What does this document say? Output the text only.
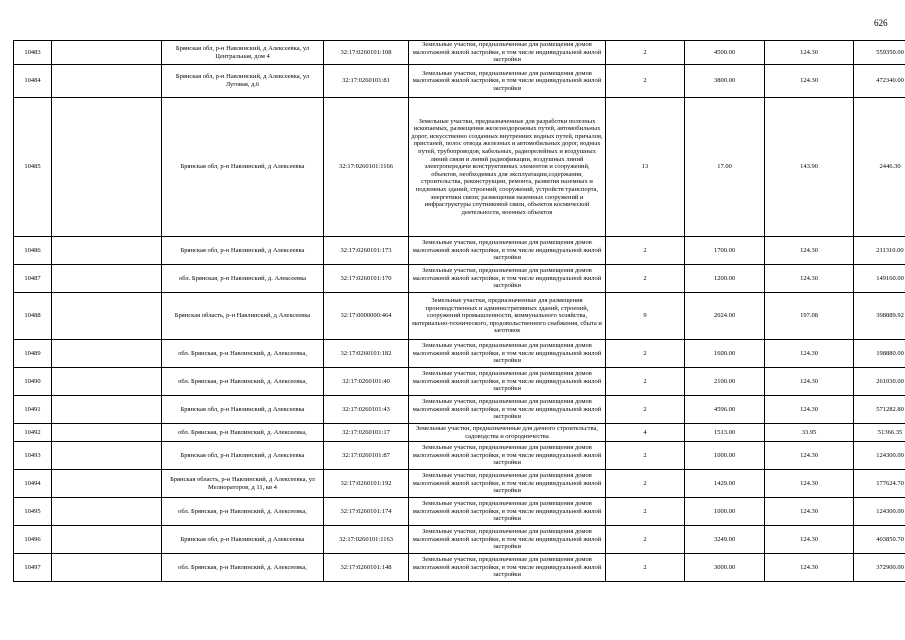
626
10483		Брянская обл, р-н Навлинский, д Алексеевка, ул Центральная, дом 4	32:17:0260101:108	Земельные участки, предназначенные для размещения домов малоэтажной жилой застройки, в том числе индивидуальной жилой застройки	2	4500.00	124.30	559350.00
10484		Брянская обл, р-н Навлинский, д Алексеевка, ул Луговая, д.6	32:17:0260101:81	Земельные участки, предназначенные для размещения домов малоэтажной жилой застройки, в том числе индивидуальной жилой застройки	2	3800.00	124.30	472340.00
10485		Брянская обл, р-н Навлинский, д Алексеевка	32:17:0260101:1166	Земельные участки, предназначенные для разработки полезных ископаемых, размещения железнодорожных путей, автомобильных дорог, искусственно созданных внутренних водных путей, причалов, пристаней, полос отвода железных и автомобильных дорог, водных путей, трубопроводов, кабельных, радиорелейных и воздушных линий связи и линий радиофикации, воздушных линий электропередачи конструктивных элементов и сооружений, объектов, необходимых для эксплуатации,содержания, строительства, реконструкции, ремонта, развития наземных и подземных зданий, строений, сооружений, устройств транспорта, энергетики связи; размещения наземных сооружений и инфраструктуры спутниковой связи, объектов космической деятельности, военных объектов	13	17.00	143.90	2446.30
10486		Брянская обл, р-н Навлинский, д Алексеевка	32:17:0260101:173	Земельные участки, предназначенные для размещения домов малоэтажной жилой застройки, в том числе индивидуальной жилой застройки	2	1700.00	124.30	211310.00
10487		обл. Брянская, р-н Навлинский, д. Алексеевка	32:17:0260101:170	Земельные участки, предназначенные для размещения домов малоэтажной жилой застройки, в том числе индивидуальной жилой застройки	2	1200.00	124.30	149160.00
10488		Брянская область, р-н Навлинский, д Алексеевка	32:17:0000000:464	Земельные участки, предназначенные для размещения производственных и административных зданий, строений, сооружений промышленности, коммунального хозяйства, материально-технического, продовольственного снабжения, сбыта и заготовок	9	2024.00	197.08	398889.92
10489		обл. Брянская, р-н Навлинский, д. Алексеевка,	32:17:0260101:182	Земельные участки, предназначенные для размещения домов малоэтажной жилой застройки, в том числе индивидуальной жилой застройки	2	1600.00	124.30	198880.00
10490		обл. Брянская, р-н Навлинский, д. Алексеевка,	32:17:0260101:40	Земельные участки, предназначенные для размещения домов малоэтажной жилой застройки, в том числе индивидуальной жилой застройки	2	2100.00	124.30	261030.00
10491		Брянская обл, р-н Навлинский, д Алексеевка	32:17:0260101:43	Земельные участки, предназначенные для размещения домов малоэтажной жилой застройки, в том числе индивидуальной жилой застройки	2	4596.00	124.30	571282.80
10492		обл. Брянская, р-н Навлинский, д. Алексеевка,	32:17:0260101:17	Земельные участки, предназначенные для дачного строительства, садоводства и огородничества	4	1513.00	33.95	51366.35
10493		Брянская обл, р-н Навлинский, д Алексеевка	32:17:0260101:87	Земельные участки, предназначенные для размещения домов малоэтажной жилой застройки, в том числе индивидуальной жилой застройки	2	1000.00	124.30	124300.00
10494		Брянская область, р-н Навлинский, д Алексеевка, ул Мелиораторов, д 11, кв 4	32:17:0260101:192	Земельные участки, предназначенные для размещения домов малоэтажной жилой застройки, в том числе индивидуальной жилой застройки	2	1429.00	124.30	177624.70
10495		обл. Брянская, р-н Навлинский, д. Алексеевка,	32:17:0260101:174	Земельные участки, предназначенные для размещения домов малоэтажной жилой застройки, в том числе индивидуальной жилой застройки	2	1000.00	124.30	124300.00
10496		Брянская обл, р-н Навлинский, д Алексеевка	32:17:0260101:1163	Земельные участки, предназначенные для размещения домов малоэтажной жилой застройки, в том числе индивидуальной жилой застройки	2	3249.00	124.30	403850.70
10497		обл. Брянская, р-н Навлинский, д. Алексеевка,	32:17:0260101:148	Земельные участки, предназначенные для размещения домов малоэтажной жилой застройки, в том числе индивидуальной жилой застройки	2	3000.00	124.30	372900.00
